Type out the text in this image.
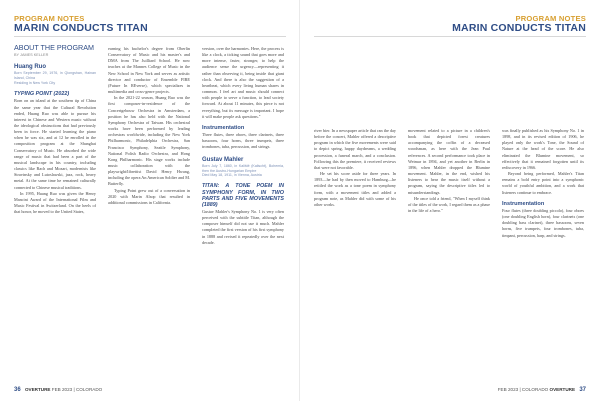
PROGRAM NOTES
MARIN CONDUCTS TITAN
ABOUT THE PROGRAM
BY JAMES KELLER
Huang Ruo
Born September 29, 1976, in Qiongshan, Hainan Island, China
Residing in New York City
TYPING POINT (2022)

Born on an island at the southern tip of China the same year that the Cultural Revolution ended, Huang Ruo was able to pursue his interest in Chinese and Western music without the ideological obstructions that had previously been in force. He started learning the piano when he was six, and at 12 he enrolled in the composition program at the Shanghai Conservatory of Music. He absorbed the wide range of music that had been a part of the musical landscape in his country, including classics like Bach and Mozart, modernists like Stravinsky and Lutoslawski, jazz, rock, heavy metal. At the same time he remained culturally connected to Chinese musical traditions.

In 1995, Huang Ruo was given the Henry Mancini Award of the International Film and Music Festival in Switzerland. On the heels of that honor, he moved to the United States,

earning his bachelor's degree from Oberlin Conservatory of Music and his master's and DMA from The Juilliard School. He now teaches at the Mannes College of Music in the New School in New York and serves as artistic director and conductor of Ensemble FIRE (Future In REverse), which specializes in multimedia and cross-genre projects.

In the 2021-22 season, Huang Ruo was the first composer-in-residence of the Concertgebouw Orchestra in Amsterdam, a position he has also held with the National Symphony Orchestra of Taiwan. His orchestral works have been performed by leading orchestras worldwide, including the New York Philharmonic, Philadelphia Orchestra, San Francisco Symphony, Seattle Symphony, National Polish Radio Orchestra, and Hong Kong Philharmonic. His stage works include music collaboration with the playwright/librettist David Henry Hwang, including the opera An American Soldier and M. Butterfly.

Typing Point grew out of a conversation in 2020 with Marin Alsop that resulted in additional commissions in California.

version, over the harmonies. Here, the process is like a clock, a ticking sound that goes more and more intense, faster, stronger, to help the audience sense the urgency—representing it rather than observing it, being inside that giant clock. And there is also the suggestion of a heartbeat, which every living human shares in common. I feel art and music should connect with people to serve a function, to lead society forward. At about 11 minutes, this piece is not everything, but its message is important. I hope it will make people ask questions."

Instrumentation

Three flutes, three oboes, three clarinets, three bassoons, four horns, three trumpets, three trombones, tuba, percussion, and strings.

Gustav Mahler
Born July 7, 1860, in Kaliště (Kalischt), Bohemia, then the Austro-Hungarian Empire
Died May 18, 1911, in Vienna, Austria
TITAN: A TONE POEM IN SYMPHONY FORM, IN TWO PARTS AND FIVE MOVEMENTS (1889)

Gustav Mahler's Symphony No. 1 is very often perceived with the subtitle Titan, although the composer himself did not use it much. Mahler completed the first version of his first symphony in 1888 and revised it repeatedly over the next decade.

36 OVERTURE FEB 2023 | COLORADO
PROGRAM NOTES
MARIN CONDUCTS TITAN

river bier. In a newspaper article that ran the day before the concert, Mahler offered a descriptive program in which the five movements were said to depict spring, happy daydreams, a wedding procession, a funeral march, and a conclusion. Following this the premiere, it received reviews that were not favorable.

He set his score aside for three years. In 1893—he had by then moved to Hamburg—he retitled the work as a tone poem in symphony form, with a movement titles and added a program note, as Mahler did with some of his other works.

movement related to a picture in a children's book that depicted forest creatures accompanying the coffin of a deceased woodsman, as here with the Jean Paul references. A second performance took place in Weimar in 1894, and yet another in Berlin in 1896, when Mahler dropped the Blumine movement. Mahler, in the end, wished his listeners to hear the music itself without a program, saying the descriptive titles led to misunderstandings.

He once told a friend, "When I myself think of the titles of the work, I regard them as a phase in the life of a hero."

was finally published as his Symphony No. 1 in 1898, and in its revised edition of 1906, he played only the work's Tone, the Sound of Nature at the head of the score. He also eliminated the Blumine movement, so effectively that it remained forgotten until its rediscovery in 1966.

Beyond being performed, Mahler's Titan remains a bold entry point into a symphonic world of youthful ambition, and a work that listeners continue to embrace.

Instrumentation

Four flutes (three doubling piccolo), four oboes (one doubling English horn), four clarinets (one doubling bass clarinet), three bassoons, seven horns, five trumpets, four trombones, tuba, timpani, percussion, harp, and strings.

FEB 2023 | COLORADO OVERTURE 37
